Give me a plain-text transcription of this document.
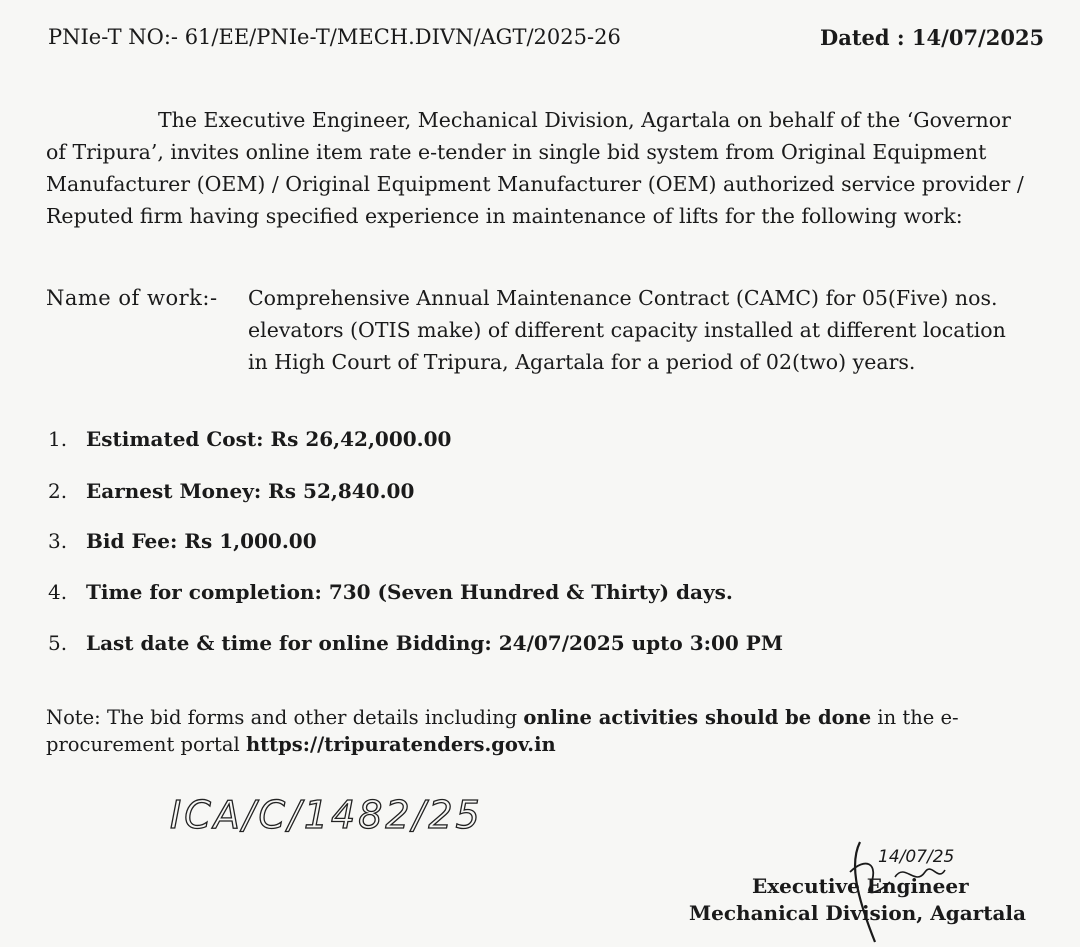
PNIe-T NO:- 61/EE/PNIe-T/MECH.DIVN/AGT/2025-26	Dated : 14/07/2025
The Executive Engineer, Mechanical Division, Agartala on behalf of the ‘Governor
of Tripura’, invites online item rate e-tender in single bid system from Original Equipment
Manufacturer (OEM) / Original Equipment Manufacturer (OEM) authorized service provider /
Reputed firm having specified experience in maintenance of lifts for the following work:
Name of work:- Comprehensive Annual Maintenance Contract (CAMC) for 05(Five) nos.
elevators (OTIS make) of different capacity installed at different location
in High Court of Tripura, Agartala for a period of 02(two) years.
1. Estimated Cost: Rs 26,42,000.00
2. Earnest Money: Rs 52,840.00
3. Bid Fee: Rs 1,000.00
4. Time for completion: 730 (Seven Hundred & Thirty) days.
5. Last date & time for online Bidding: 24/07/2025 upto 3:00 PM
Note: The bid forms and other details including online activities should be done in the e-
procurement portal https://tripuratenders.gov.in
ICA/C/1482/25
14/07/25
Executive Engineer
Mechanical Division, Agartala
